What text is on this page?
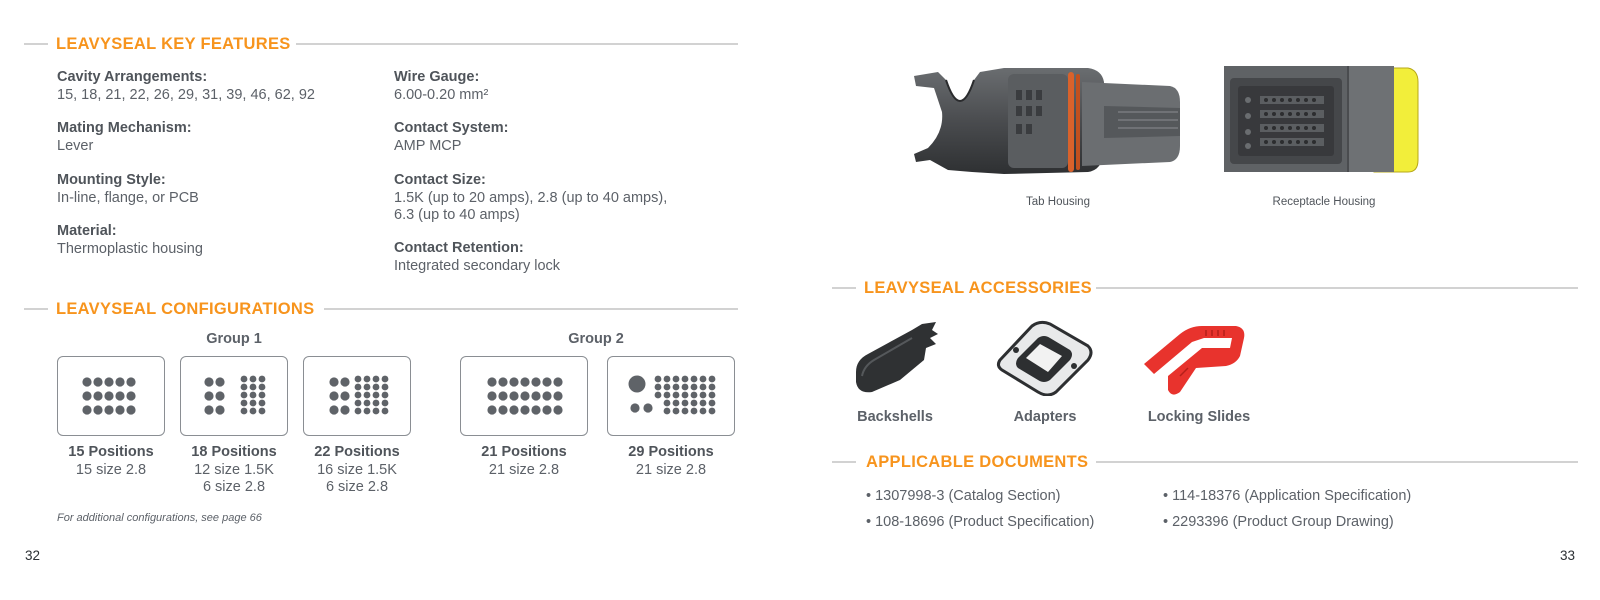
LEAVYSEAL KEY FEATURES
Cavity Arrangements:
15, 18, 21, 22, 26, 29, 31, 39, 46, 62, 92
Mating Mechanism:
Lever
Mounting Style:
In-line, flange, or PCB
Material:
Thermoplastic housing
Wire Gauge:
6.00-0.20 mm²
Contact System:
AMP MCP
Contact Size:
1.5K (up to 20 amps), 2.8 (up to 40 amps),
6.3 (up to 40 amps)
Contact Retention:
Integrated secondary lock
LEAVYSEAL CONFIGURATIONS
Group 1	Group 2
15 Positions
15 size 2.8
18 Positions
12 size 1.5K
6 size 2.8
22 Positions
16 size 1.5K
6 size 2.8
21 Positions
21 size 2.8
29 Positions
21 size 2.8
For additional configurations, see page 66
32
Tab Housing	Receptacle Housing
LEAVYSEAL ACCESSORIES
Backshells	Adapters	Locking Slides
APPLICABLE DOCUMENTS
• 1307998-3 (Catalog Section)
• 108-18696 (Product Specification)
• 114-18376 (Application Specification)
• 2293396 (Product Group Drawing)
33
